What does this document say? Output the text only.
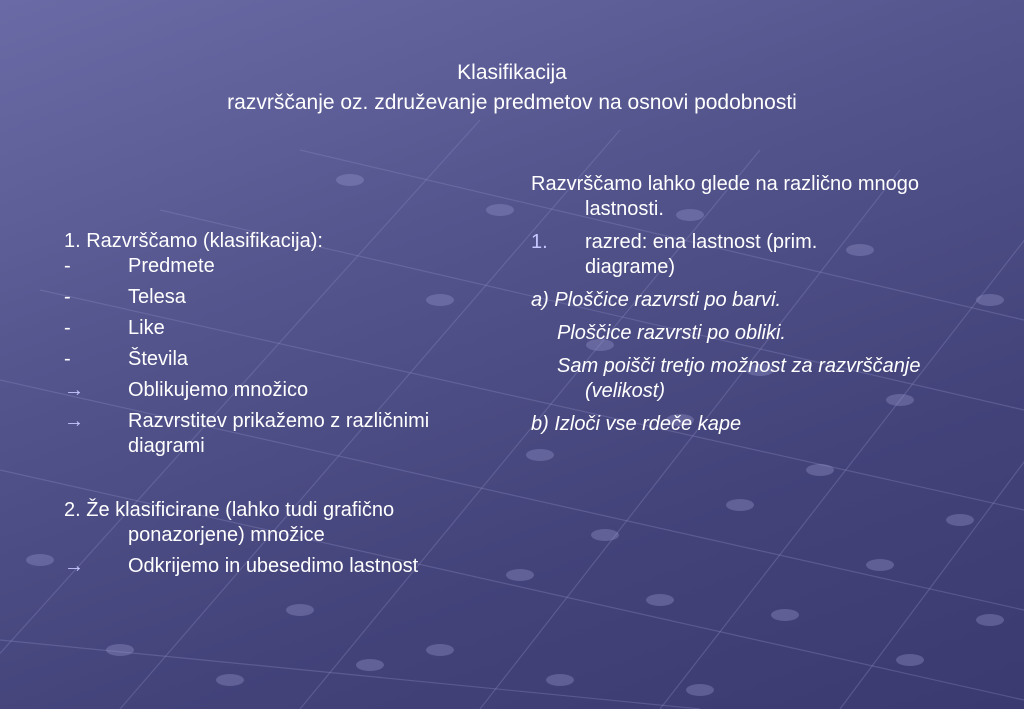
Klasifikacija
razvrščanje oz. združevanje predmetov na osnovi podobnosti

1. Razvrščamo (klasifikacija):

-	Predmete
-	Telesa
-	Like
-	Števila
→	Oblikujemo množico
→	Razvrstitev prikažemo z različnimi diagrami

2. Že klasificirane (lahko tudi grafično ponazorjene) množice

→	Odkrijemo in ubesedimo lastnost

Razvrščamo lahko glede na različno mnogo lastnosti.

1.	razred: ena lastnost (prim. diagrame)

a) Ploščice razvrsti po barvi.

Ploščice razvrsti po obliki.

Sam poišči tretjo možnost za razvrščanje (velikost)

b) Izloči vse rdeče kape
